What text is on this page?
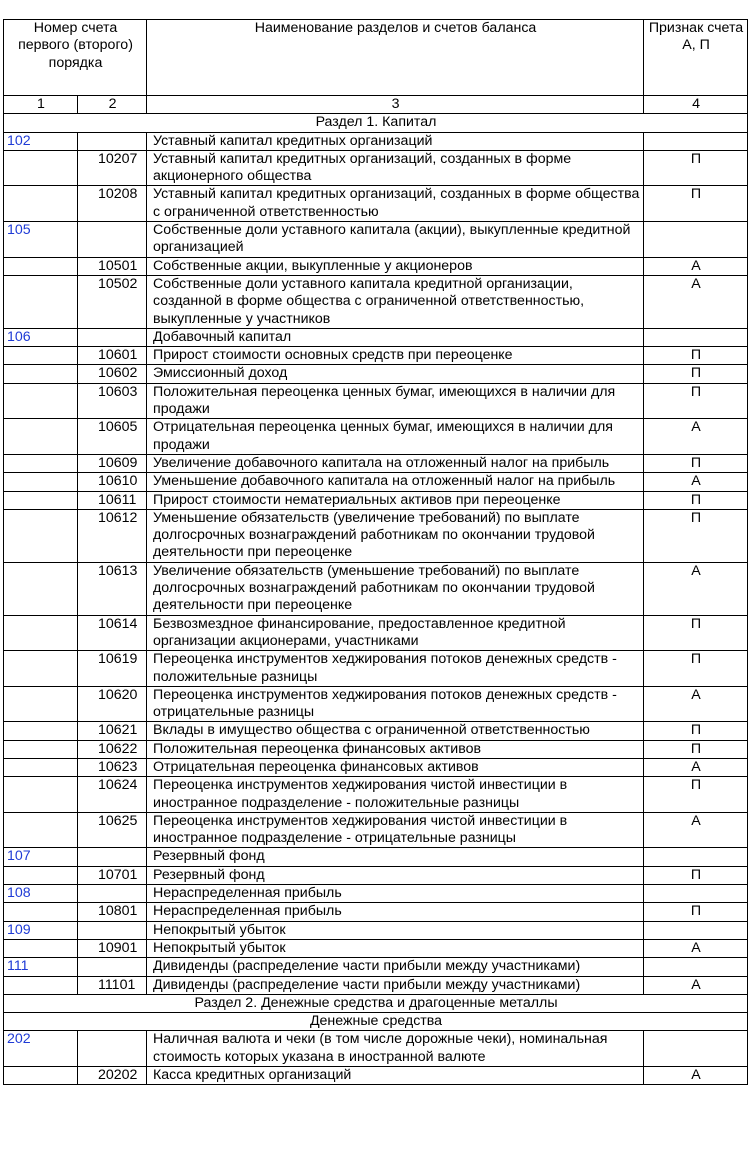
Номер счета первого (второго) порядка		Наименование разделов и счетов баланса	Признак счета А, П
1	2	3	4
Раздел 1. Капитал			
102		Уставный капитал кредитных организаций	
	10207	Уставный капитал кредитных организаций, созданных в форме акционерного общества	П
	10208	Уставный капитал кредитных организаций, созданных в форме общества с ограниченной ответственностью	П
105		Собственные доли уставного капитала (акции), выкупленные кредитной организацией	
	10501	Собственные акции, выкупленные у акционеров	А
	10502	Собственные доли уставного капитала кредитной организации, созданной в форме общества с ограниченной ответственностью, выкупленные у участников	А
106		Добавочный капитал	
	10601	Прирост стоимости основных средств при переоценке	П
	10602	Эмиссионный доход	П
	10603	Положительная переоценка ценных бумаг, имеющихся в наличии для продажи	П
	10605	Отрицательная переоценка ценных бумаг, имеющихся в наличии для продажи	А
	10609	Увеличение добавочного капитала на отложенный налог на прибыль	П
	10610	Уменьшение добавочного капитала на отложенный налог на прибыль	А
	10611	Прирост стоимости нематериальных активов при переоценке	П
	10612	Уменьшение обязательств (увеличение требований) по выплате долгосрочных вознаграждений работникам по окончании трудовой деятельности при переоценке	П
	10613	Увеличение обязательств (уменьшение требований) по выплате долгосрочных вознаграждений работникам по окончании трудовой деятельности при переоценке	А
	10614	Безвозмездное финансирование, предоставленное кредитной организации акционерами, участниками	П
	10619	Переоценка инструментов хеджирования потоков денежных средств - положительные разницы	П
	10620	Переоценка инструментов хеджирования потоков денежных средств - отрицательные разницы	А
	10621	Вклады в имущество общества с ограниченной ответственностью	П
	10622	Положительная переоценка финансовых активов	П
	10623	Отрицательная переоценка финансовых активов	А
	10624	Переоценка инструментов хеджирования чистой инвестиции в иностранное подразделение - положительные разницы	П
	10625	Переоценка инструментов хеджирования чистой инвестиции в иностранное подразделение - отрицательные разницы	А
107		Резервный фонд	
	10701	Резервный фонд	П
108		Нераспределенная прибыль	
	10801	Нераспределенная прибыль	П
109		Непокрытый убыток	
	10901	Непокрытый убыток	А
111		Дивиденды (распределение части прибыли между участниками)	
	11101	Дивиденды (распределение части прибыли между участниками)	А
Раздел 2. Денежные средства и драгоценные металлы			
Денежные средства			
202		Наличная валюта и чеки (в том числе дорожные чеки), номинальная стоимость которых указана в иностранной валюте	
	20202	Касса кредитных организаций	А
